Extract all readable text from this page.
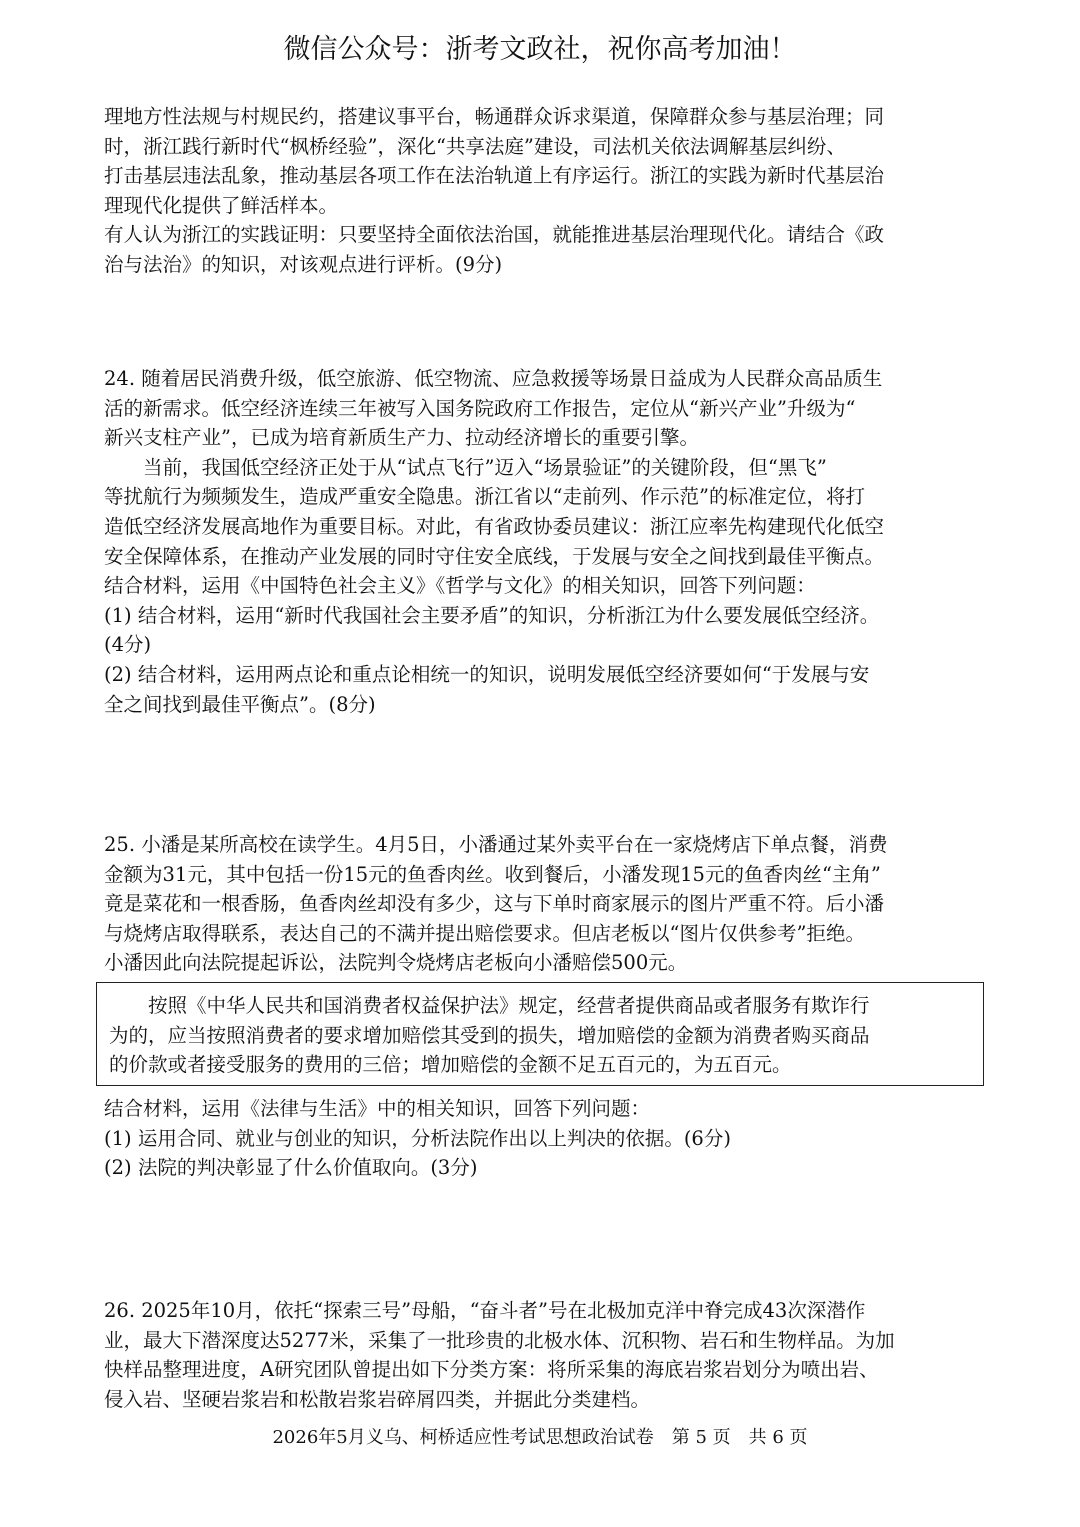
微信公众号：浙考文政社，祝你高考加油！
理地方性法规与村规民约，搭建议事平台，畅通群众诉求渠道，保障群众参与基层治理；同
时，浙江践行新时代“枫桥经验”，深化“共享法庭”建设，司法机关依法调解基层纠纷、
打击基层违法乱象，推动基层各项工作在法治轨道上有序运行。浙江的实践为新时代基层治
理现代化提供了鲜活样本。
有人认为浙江的实践证明：只要坚持全面依法治国，就能推进基层治理现代化。请结合《政
治与法治》的知识，对该观点进行评析。(9分)
24. 随着居民消费升级，低空旅游、低空物流、应急救援等场景日益成为人民群众高品质生
活的新需求。低空经济连续三年被写入国务院政府工作报告，定位从“新兴产业”升级为“
新兴支柱产业”，已成为培育新质生产力、拉动经济增长的重要引擎。
当前，我国低空经济正处于从“试点飞行”迈入“场景验证”的关键阶段，但“黑飞”
等扰航行为频频发生，造成严重安全隐患。浙江省以“走前列、作示范”的标准定位，将打
造低空经济发展高地作为重要目标。对此，有省政协委员建议：浙江应率先构建现代化低空
安全保障体系，在推动产业发展的同时守住安全底线，于发展与安全之间找到最佳平衡点。
结合材料，运用《中国特色社会主义》《哲学与文化》的相关知识，回答下列问题：
(1) 结合材料，运用“新时代我国社会主要矛盾”的知识，分析浙江为什么要发展低空经济。
(4分)
(2) 结合材料，运用两点论和重点论相统一的知识，说明发展低空经济要如何“于发展与安
全之间找到最佳平衡点”。(8分)
25. 小潘是某所高校在读学生。4月5日，小潘通过某外卖平台在一家烧烤店下单点餐，消费
金额为31元，其中包括一份15元的鱼香肉丝。收到餐后，小潘发现15元的鱼香肉丝“主角”
竟是菜花和一根香肠，鱼香肉丝却没有多少，这与下单时商家展示的图片严重不符。后小潘
与烧烤店取得联系，表达自己的不满并提出赔偿要求。但店老板以“图片仅供参考”拒绝。
小潘因此向法院提起诉讼，法院判令烧烤店老板向小潘赔偿500元。
按照《中华人民共和国消费者权益保护法》规定，经营者提供商品或者服务有欺诈行
为的，应当按照消费者的要求增加赔偿其受到的损失，增加赔偿的金额为消费者购买商品
的价款或者接受服务的费用的三倍；增加赔偿的金额不足五百元的，为五百元。
结合材料，运用《法律与生活》中的相关知识，回答下列问题：
(1) 运用合同、就业与创业的知识，分析法院作出以上判决的依据。(6分)
(2) 法院的判决彰显了什么价值取向。(3分)
26. 2025年10月，依托“探索三号”母船，“奋斗者”号在北极加克洋中脊完成43次深潜作
业，最大下潜深度达5277米，采集了一批珍贵的北极水体、沉积物、岩石和生物样品。为加
快样品整理进度，A研究团队曾提出如下分类方案：将所采集的海底岩浆岩划分为喷出岩、
侵入岩、坚硬岩浆岩和松散岩浆岩碎屑四类，并据此分类建档。
2026年5月义乌、柯桥适应性考试思想政治试卷　第 5 页　共 6 页
